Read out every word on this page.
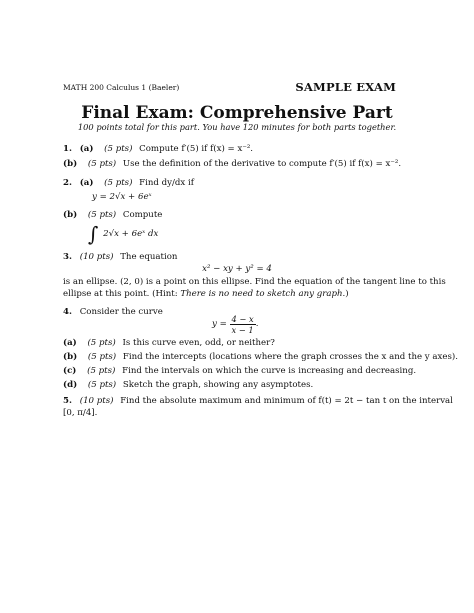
MATH 200 Calculus 1 (Baeler)	SAMPLE EXAM
Final Exam: Comprehensive Part
100 points total for this part. You have 120 minutes for both parts together.
1. (a) (5 pts) Compute f′(5) if f(x) = x⁻².
(b) (5 pts) Use the definition of the derivative to compute f′(5) if f(x) = x⁻².
2. (a) (5 pts) Find dy/dx if
y = 2√x + 6eˣ
(b) (5 pts) Compute
∫ 2√x + 6eˣ dx
3. (10 pts) The equation
x² − xy + y² = 4
is an ellipse. (2, 0) is a point on this ellipse. Find the equation of the tangent line to this
ellipse at this point. (Hint: There is no need to sketch any graph.)
4. Consider the curve
$y = \frac{4 - x}{x - 1}$ .
(a) (5 pts) Is this curve even, odd, or neither?
(b) (5 pts) Find the intercepts (locations where the graph crosses the x and the y axes).
(c) (5 pts) Find the intervals on which the curve is increasing and decreasing.
(d) (5 pts) Sketch the graph, showing any asymptotes.
5. (10 pts) Find the absolute maximum and minimum of f(t) = 2t − tan t on the interval
[0, π/4].
